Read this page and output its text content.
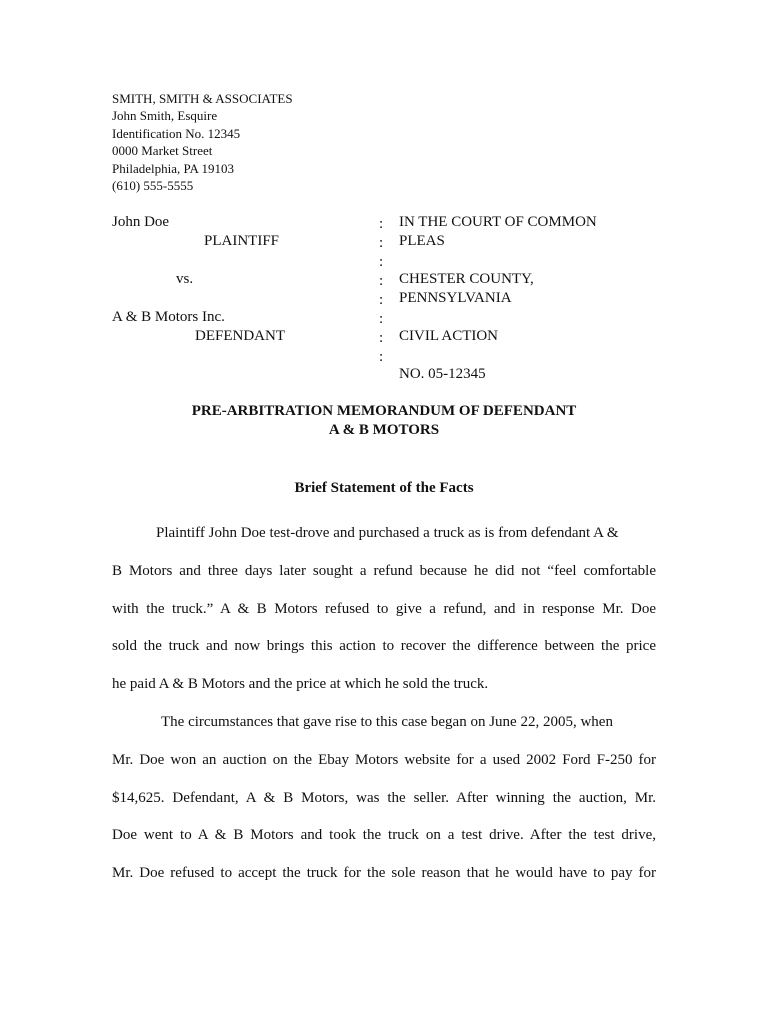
SMITH, SMITH & ASSOCIATES
John Smith, Esquire
Identification No. 12345
0000 Market Street
Philadelphia, PA 19103
(610) 555-5555
John Doe
PLAINTIFF
vs.
A & B Motors Inc.
DEFENDANT
:
:
:
:
:
:
:
:
IN THE COURT OF COMMON
PLEAS
CHESTER COUNTY,
PENNSYLVANIA
CIVIL ACTION
NO. 05-12345
PRE-ARBITRATION MEMORANDUM OF DEFENDANT
A & B MOTORS
Brief Statement of the Facts
Plaintiff John Doe test-drove and purchased a truck as is from defendant A &
B Motors and three days later sought a refund because he did not “feel comfortable
with the truck.” A & B Motors refused to give a refund, and in response Mr. Doe
sold the truck and now brings this action to recover the difference between the price
he paid A & B Motors and the price at which he sold the truck.
The circumstances that gave rise to this case began on June 22, 2005, when
Mr. Doe won an auction on the Ebay Motors website for a used 2002 Ford F-250 for
$14,625. Defendant, A & B Motors, was the seller. After winning the auction, Mr.
Doe went to A & B Motors and took the truck on a test drive. After the test drive,
Mr. Doe refused to accept the truck for the sole reason that he would have to pay for
